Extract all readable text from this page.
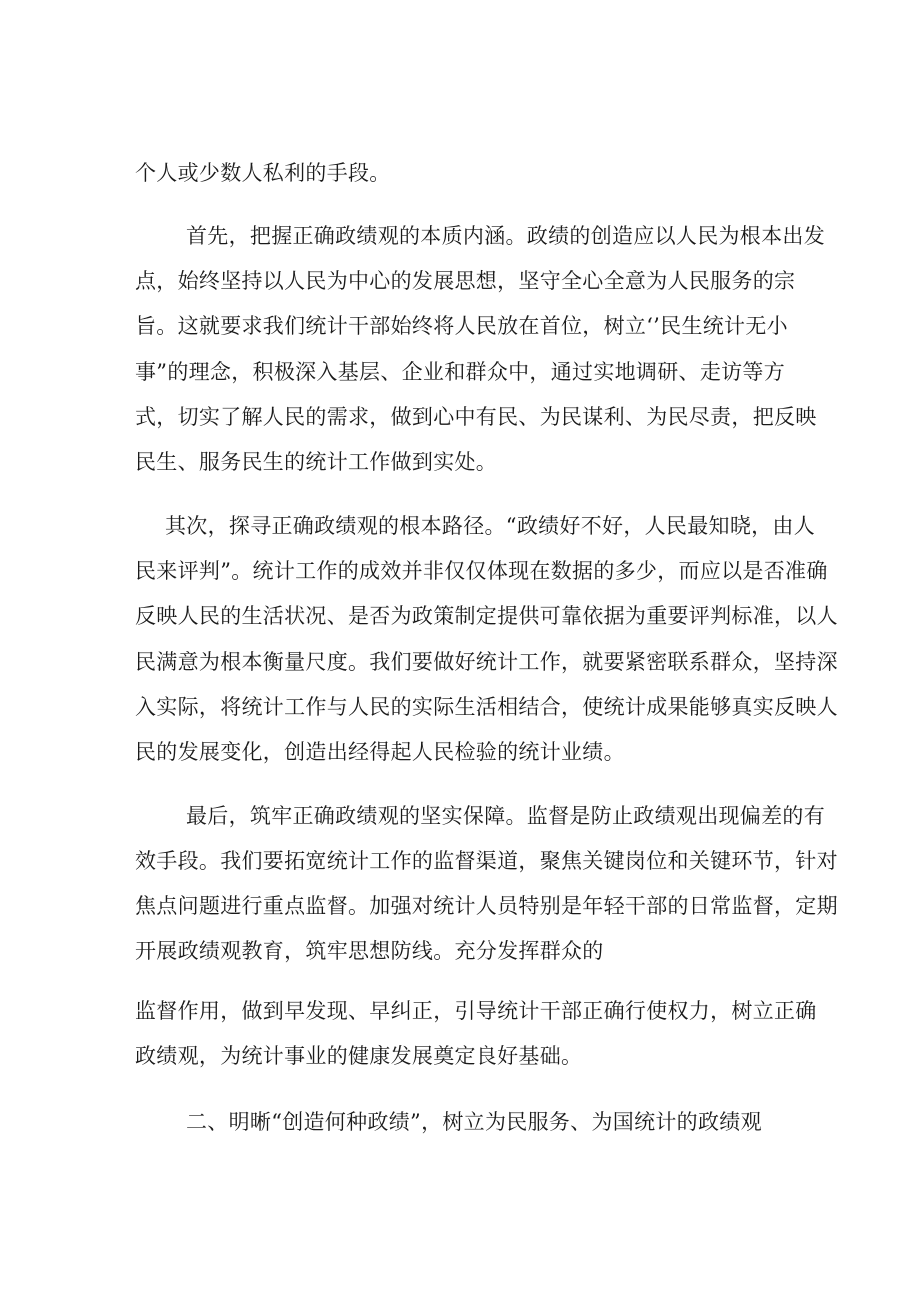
个人或少数人私利的手段。
首先，把握正确政绩观的本质内涵。政绩的创造应以人民为根本出发
点，始终坚持以人民为中心的发展思想，坚守全心全意为人民服务的宗
旨。这就要求我们统计干部始终将人民放在首位，树立‘’民生统计无小
事”的理念，积极深入基层、企业和群众中，通过实地调研、走访等方
式，切实了解人民的需求，做到心中有民、为民谋利、为民尽责，把反映
民生、服务民生的统计工作做到实处。
其次，探寻正确政绩观的根本路径。“政绩好不好，人民最知晓，由人
民来评判”。统计工作的成效并非仅仅体现在数据的多少，而应以是否准确
反映人民的生活状况、是否为政策制定提供可靠依据为重要评判标准，以人
民满意为根本衡量尺度。我们要做好统计工作，就要紧密联系群众，坚持深
入实际，将统计工作与人民的实际生活相结合，使统计成果能够真实反映人
民的发展变化，创造出经得起人民检验的统计业绩。
最后，筑牢正确政绩观的坚实保障。监督是防止政绩观出现偏差的有
效手段。我们要拓宽统计工作的监督渠道，聚焦关键岗位和关键环节，针对
焦点问题进行重点监督。加强对统计人员特别是年轻干部的日常监督，定期
开展政绩观教育，筑牢思想防线。充分发挥群众的
监督作用，做到早发现、早纠正，引导统计干部正确行使权力，树立正确
政绩观，为统计事业的健康发展奠定良好基础。
二、明晰“创造何种政绩”，树立为民服务、为国统计的政绩观
